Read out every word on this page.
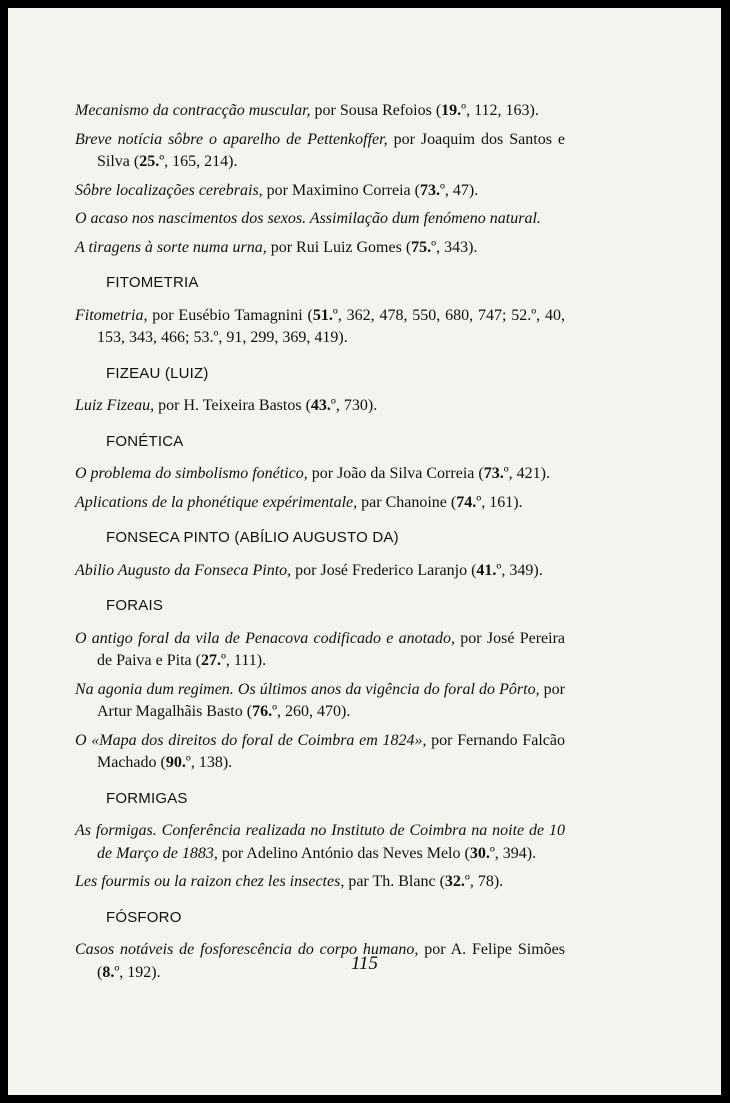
Mecanismo da contracção muscular, por Sousa Refoios (19.º, 112, 163).
Breve notícia sôbre o aparelho de Pettenkoffer, por Joaquim dos Santos e Silva (25.º, 165, 214).
Sôbre localizações cerebrais, por Maximino Correia (73.º, 47).
O acaso nos nascimentos dos sexos. Assimilação dum fenómeno natural.
A tiragens à sorte numa urna, por Rui Luiz Gomes (75.º, 343).
FITOMETRIA
Fitometria, por Eusébio Tamagnini (51.º, 362, 478, 550, 680, 747; 52.º, 40, 153, 343, 466; 53.º, 91, 299, 369, 419).
FIZEAU (LUIZ)
Luiz Fizeau, por H. Teixeira Bastos (43.º, 730).
FONÉTICA
O problema do simbolismo fonético, por João da Silva Correia (73.º, 421).
Aplications de la phonétique expérimentale, par Chanoine (74.º, 161).
FONSECA PINTO (ABÍLIO AUGUSTO DA)
Abilio Augusto da Fonseca Pinto, por José Frederico Laranjo (41.º, 349).
FORAIS
O antigo foral da vila de Penacova codificado e anotado, por José Pereira de Paiva e Pita (27.º, 111).
Na agonia dum regimen. Os últimos anos da vigência do foral do Pôrto, por Artur Magalhãis Basto (76.º, 260, 470).
O «Mapa dos direitos do foral de Coimbra em 1824», por Fernando Falcão Machado (90.º, 138).
FORMIGAS
As formigas. Conferência realizada no Instituto de Coimbra na noite de 10 de Março de 1883, por Adelino António das Neves Melo (30.º, 394).
Les fourmis ou la raizon chez les insectes, par Th. Blanc (32.º, 78).
FÓSFORO
Casos notáveis de fosforescência do corpo humano, por A. Felipe Simões (8.º, 192).	115
